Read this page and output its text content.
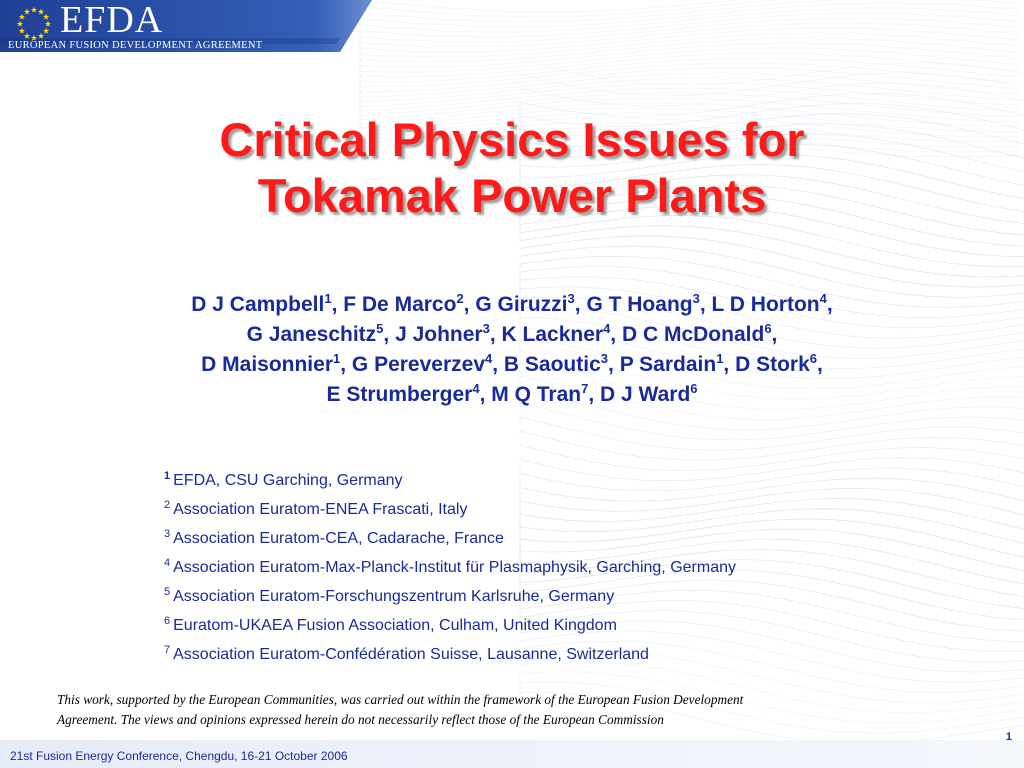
EFDA
EUROPEAN FUSION DEVELOPMENT AGREEMENT
Critical Physics Issues for
Tokamak Power Plants
D J Campbell$^1$, F De Marco$^2$, G Giruzzi$^3$, G T Hoang$^3$, L D Horton$^4$,
G Janeschitz$^5$, J Johner$^3$, K Lackner$^4$, D C McDonald$^6$,
D Maisonnier$^1$, G Pereverzev$^4$, B Saoutic$^3$, P Sardain$^1$, D Stork$^6$,
E Strumberger$^4$, M Q Tran$^7$, D J Ward$^6$
$^1$ EFDA, CSU Garching, Germany
$^2$ Association Euratom-ENEA Frascati, Italy
$^3$ Association Euratom-CEA, Cadarache, France
$^4$ Association Euratom-Max-Planck-Institut für Plasmaphysik, Garching, Germany
$^5$ Association Euratom-Forschungszentrum Karlsruhe, Germany
$^6$ Euratom-UKAEA Fusion Association, Culham, United Kingdom
$^7$ Association Euratom-Confédération Suisse, Lausanne, Switzerland
This work, supported by the European Communities, was carried out within the framework of the European Fusion Development
Agreement. The views and opinions expressed herein do not necessarily reflect those of the European Commission
21st Fusion Energy Conference, Chengdu, 16-21 October 2006
1
